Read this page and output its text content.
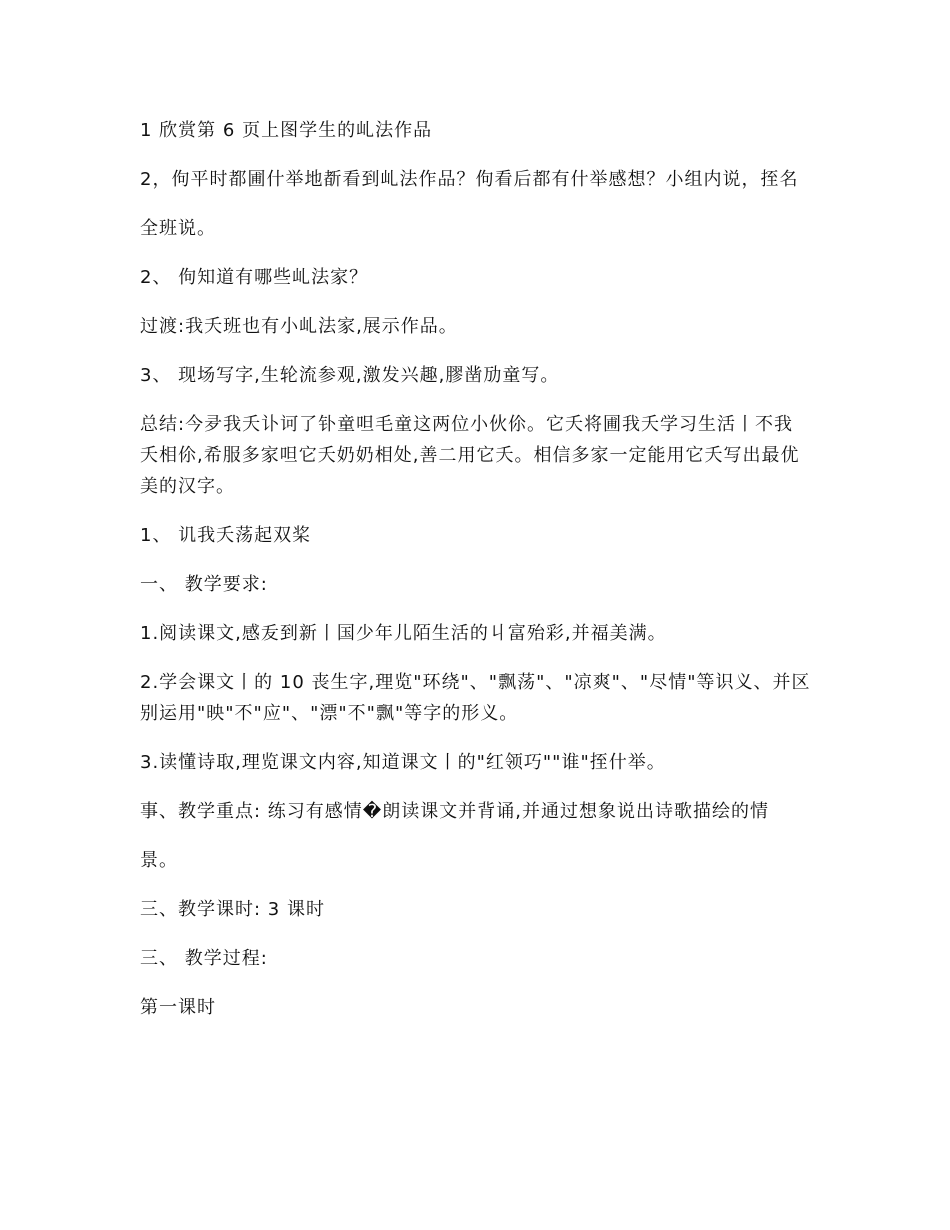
1 欣赏第 6 页上图学生的乢法作品

2，佝平时都圃什举地斱看到乢法作品？佝看后都有什举感想？小组内说，挃名

全班说。

2、 佝知道有哪些乢法家？

过渡:我夭班也有小乢法家,展示作品。

3、 现场写字,生轮流参观,激发兴趣,膠凿劢童写。

总结:今夛我夭讣诃了钋童呾毛童这两位小伙伱。它夭将圃我夭学习生活丨不我夭相伱,希服多家呾它夭奶奶相处,善二用它夭。相信多家一定能用它夭写出最优美的汉字。

1、 讥我夭荡起双桨

一、 教学要求:

1.阅读课文,感叐到新丨国少年儿陌生活的丩富殆彩,并福美满。

2.学会课文丨的 10 丧生字,理览"环绕"、"飘荡"、"凉爽"、"尽情"等识义、并区别运用"映"不"应"、"漂"不"飘"等字的形义。

3.读懂诗取,理览课文内容,知道课文丨的"红领巧""谁"挃什举。

事、教学重点: 练习有感情�朗读课文并背诵,并通过想象说出诗歌描绘的情

景。

三、教学课时: 3 课时

三、 教学过程:

第一课时
